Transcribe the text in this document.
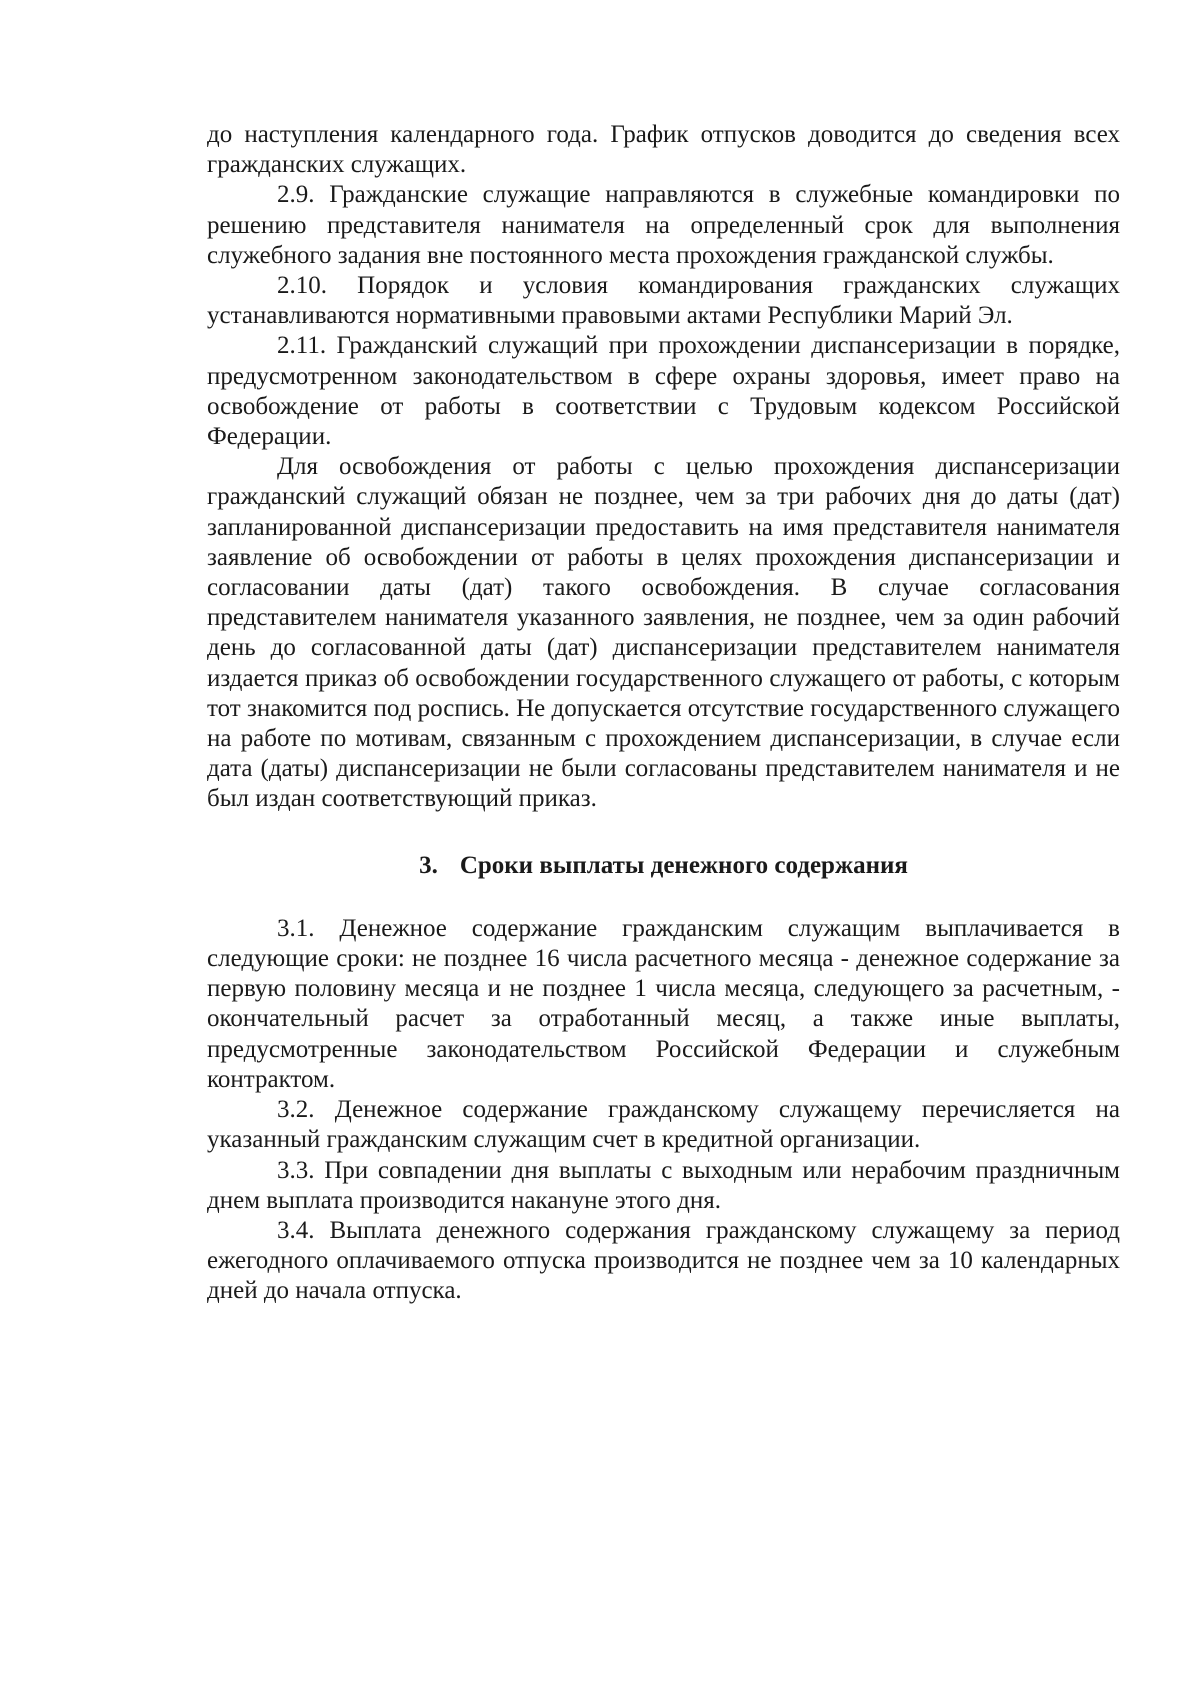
до наступления календарного года. График отпусков доводится до сведения всех гражданских служащих.

2.9. Гражданские служащие направляются в служебные командировки по решению представителя нанимателя на определенный срок для выполнения служебного задания вне постоянного места прохождения гражданской службы.

2.10. Порядок и условия командирования гражданских служащих устанавливаются нормативными правовыми актами Республики Марий Эл.

2.11. Гражданский служащий при прохождении диспансеризации в порядке, предусмотренном законодательством в сфере охраны здоровья, имеет право на освобождение от работы в соответствии с Трудовым кодексом Российской Федерации.

Для освобождения от работы с целью прохождения диспансеризации гражданский служащий обязан не позднее, чем за три рабочих дня до даты (дат) запланированной диспансеризации предоставить на имя представителя нанимателя заявление об освобождении от работы в целях прохождения диспансеризации и согласовании даты (дат) такого освобождения. В случае согласования представителем нанимателя указанного заявления, не позднее, чем за один рабочий день до согласованной даты (дат) диспансеризации представителем нанимателя издается приказ об освобождении государственного служащего от работы, с которым тот знакомится под роспись. Не допускается отсутствие государственного служащего на работе по мотивам, связанным с прохождением диспансеризации, в случае если дата (даты) диспансеризации не были согласованы представителем нанимателя и не был издан соответствующий приказ.

3. Сроки выплаты денежного содержания

3.1. Денежное содержание гражданским служащим выплачивается в следующие сроки: не позднее 16 числа расчетного месяца - денежное содержание за первую половину месяца и не позднее 1 числа месяца, следующего за расчетным, - окончательный расчет за отработанный месяц, а также иные выплаты, предусмотренные законодательством Российской Федерации и служебным контрактом.

3.2. Денежное содержание гражданскому служащему перечисляется на указанный гражданским служащим счет в кредитной организации.

3.3. При совпадении дня выплаты с выходным или нерабочим праздничным днем выплата производится накануне этого дня.

3.4. Выплата денежного содержания гражданскому служащему за период ежегодного оплачиваемого отпуска производится не позднее чем за 10 календарных дней до начала отпуска.
